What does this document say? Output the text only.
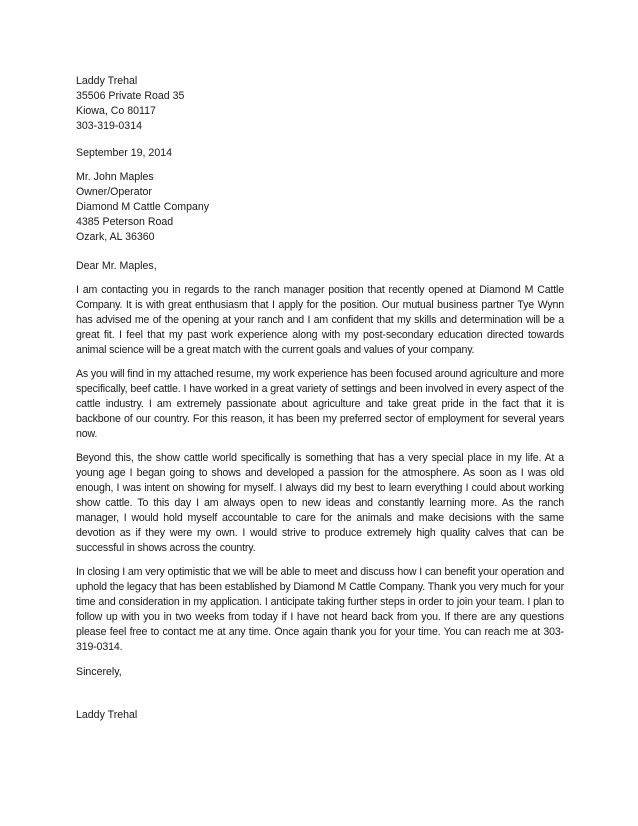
Laddy Trehal
35506 Private Road 35
Kiowa, Co 80117
303-319-0314
September 19, 2014
Mr. John Maples
Owner/Operator
Diamond M Cattle Company
4385 Peterson Road
Ozark, AL 36360
Dear Mr. Maples,
I am contacting you in regards to the ranch manager position that recently opened at Diamond M Cattle Company. It is with great enthusiasm that I apply for the position. Our mutual business partner Tye Wynn has advised me of the opening at your ranch and I am confident that my skills and determination will be a great fit. I feel that my past work experience along with my post-secondary education directed towards animal science will be a great match with the current goals and values of your company.
As you will find in my attached resume, my work experience has been focused around agriculture and more specifically, beef cattle. I have worked in a great variety of settings and been involved in every aspect of the cattle industry. I am extremely passionate about agriculture and take great pride in the fact that it is backbone of our country. For this reason, it has been my preferred sector of employment for several years now.
Beyond this, the show cattle world specifically is something that has a very special place in my life. At a young age I began going to shows and developed a passion for the atmosphere. As soon as I was old enough, I was intent on showing for myself. I always did my best to learn everything I could about working show cattle. To this day I am always open to new ideas and constantly learning more. As the ranch manager, I would hold myself accountable to care for the animals and make decisions with the same devotion as if they were my own. I would strive to produce extremely high quality calves that can be successful in shows across the country.
In closing I am very optimistic that we will be able to meet and discuss how I can benefit your operation and uphold the legacy that has been established by Diamond M Cattle Company. Thank you very much for your time and consideration in my application. I anticipate taking further steps in order to join your team. I plan to follow up with you in two weeks from today if I have not heard back from you. If there are any questions please feel free to contact me at any time. Once again thank you for your time. You can reach me at 303-319-0314.
Sincerely,
Laddy Trehal
